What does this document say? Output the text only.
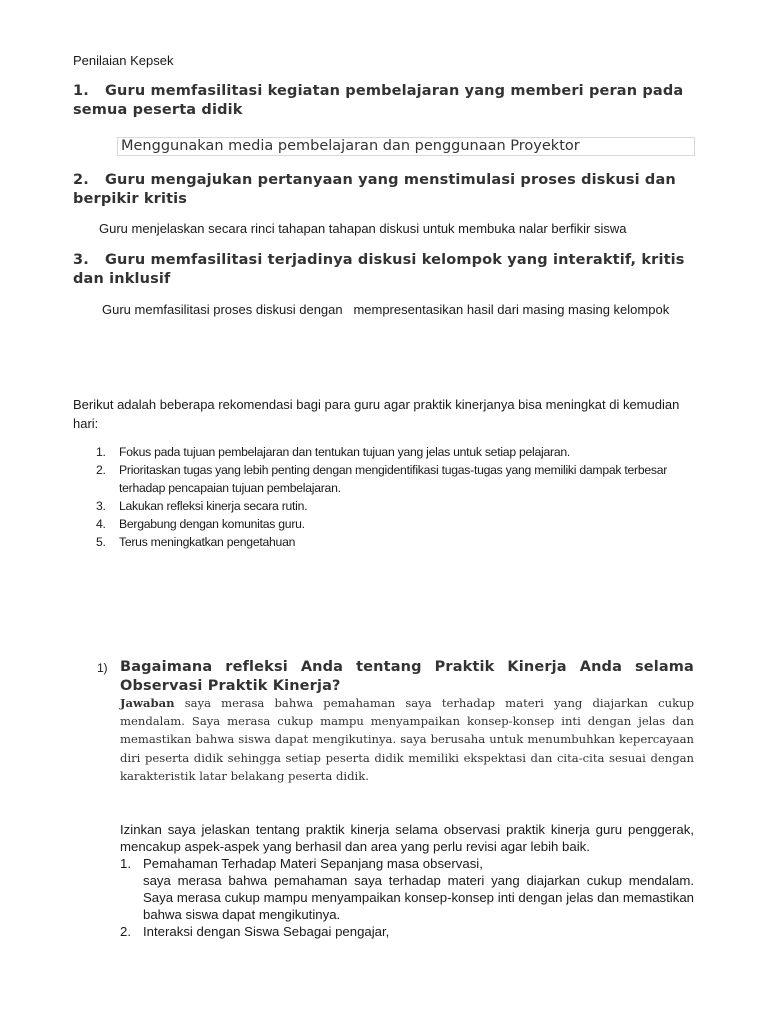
Penilaian Kepsek
1. Guru memfasilitasi kegiatan pembelajaran yang memberi peran pada
semua peserta didik
Menggunakan media pembelajaran dan penggunaan Proyektor
2. Guru mengajukan pertanyaan yang menstimulasi proses diskusi dan
berpikir kritis
Guru menjelaskan secara rinci tahapan tahapan diskusi untuk membuka nalar berfikir siswa
3. Guru memfasilitasi terjadinya diskusi kelompok yang interaktif, kritis
dan inklusif
Guru memfasilitasi proses diskusi dengan   mempresentasikan hasil dari masing masing kelompok
Berikut adalah beberapa rekomendasi bagi para guru agar praktik kinerjanya bisa meningkat di kemudian
hari:
1. Fokus pada tujuan pembelajaran dan tentukan tujuan yang jelas untuk setiap pelajaran.
2. Prioritaskan tugas yang lebih penting dengan mengidentifikasi tugas-tugas yang memiliki dampak terbesar terhadap pencapaian tujuan pembelajaran.
3. Lakukan refleksi kinerja secara rutin.
4. Bergabung dengan komunitas guru.
5. Terus meningkatkan pengetahuan
1) Bagaimana refleksi Anda tentang Praktik Kinerja Anda selama Observasi Praktik Kinerja?
Jawaban saya merasa bahwa pemahaman saya terhadap materi yang diajarkan cukup mendalam. Saya merasa cukup mampu menyampaikan konsep-konsep inti dengan jelas dan memastikan bahwa siswa dapat mengikutinya. saya berusaha untuk menumbuhkan kepercayaan diri peserta didik sehingga setiap peserta didik memiliki ekspektasi dan cita-cita sesuai dengan karakteristik latar belakang peserta didik.
Izinkan saya jelaskan tentang praktik kinerja selama observasi praktik kinerja guru penggerak, mencakup aspek-aspek yang berhasil dan area yang perlu revisi agar lebih baik.
1. Pemahaman Terhadap Materi Sepanjang masa observasi,
saya merasa bahwa pemahaman saya terhadap materi yang diajarkan cukup mendalam. Saya merasa cukup mampu menyampaikan konsep-konsep inti dengan jelas dan memastikan bahwa siswa dapat mengikutinya.
2. Interaksi dengan Siswa Sebagai pengajar,
